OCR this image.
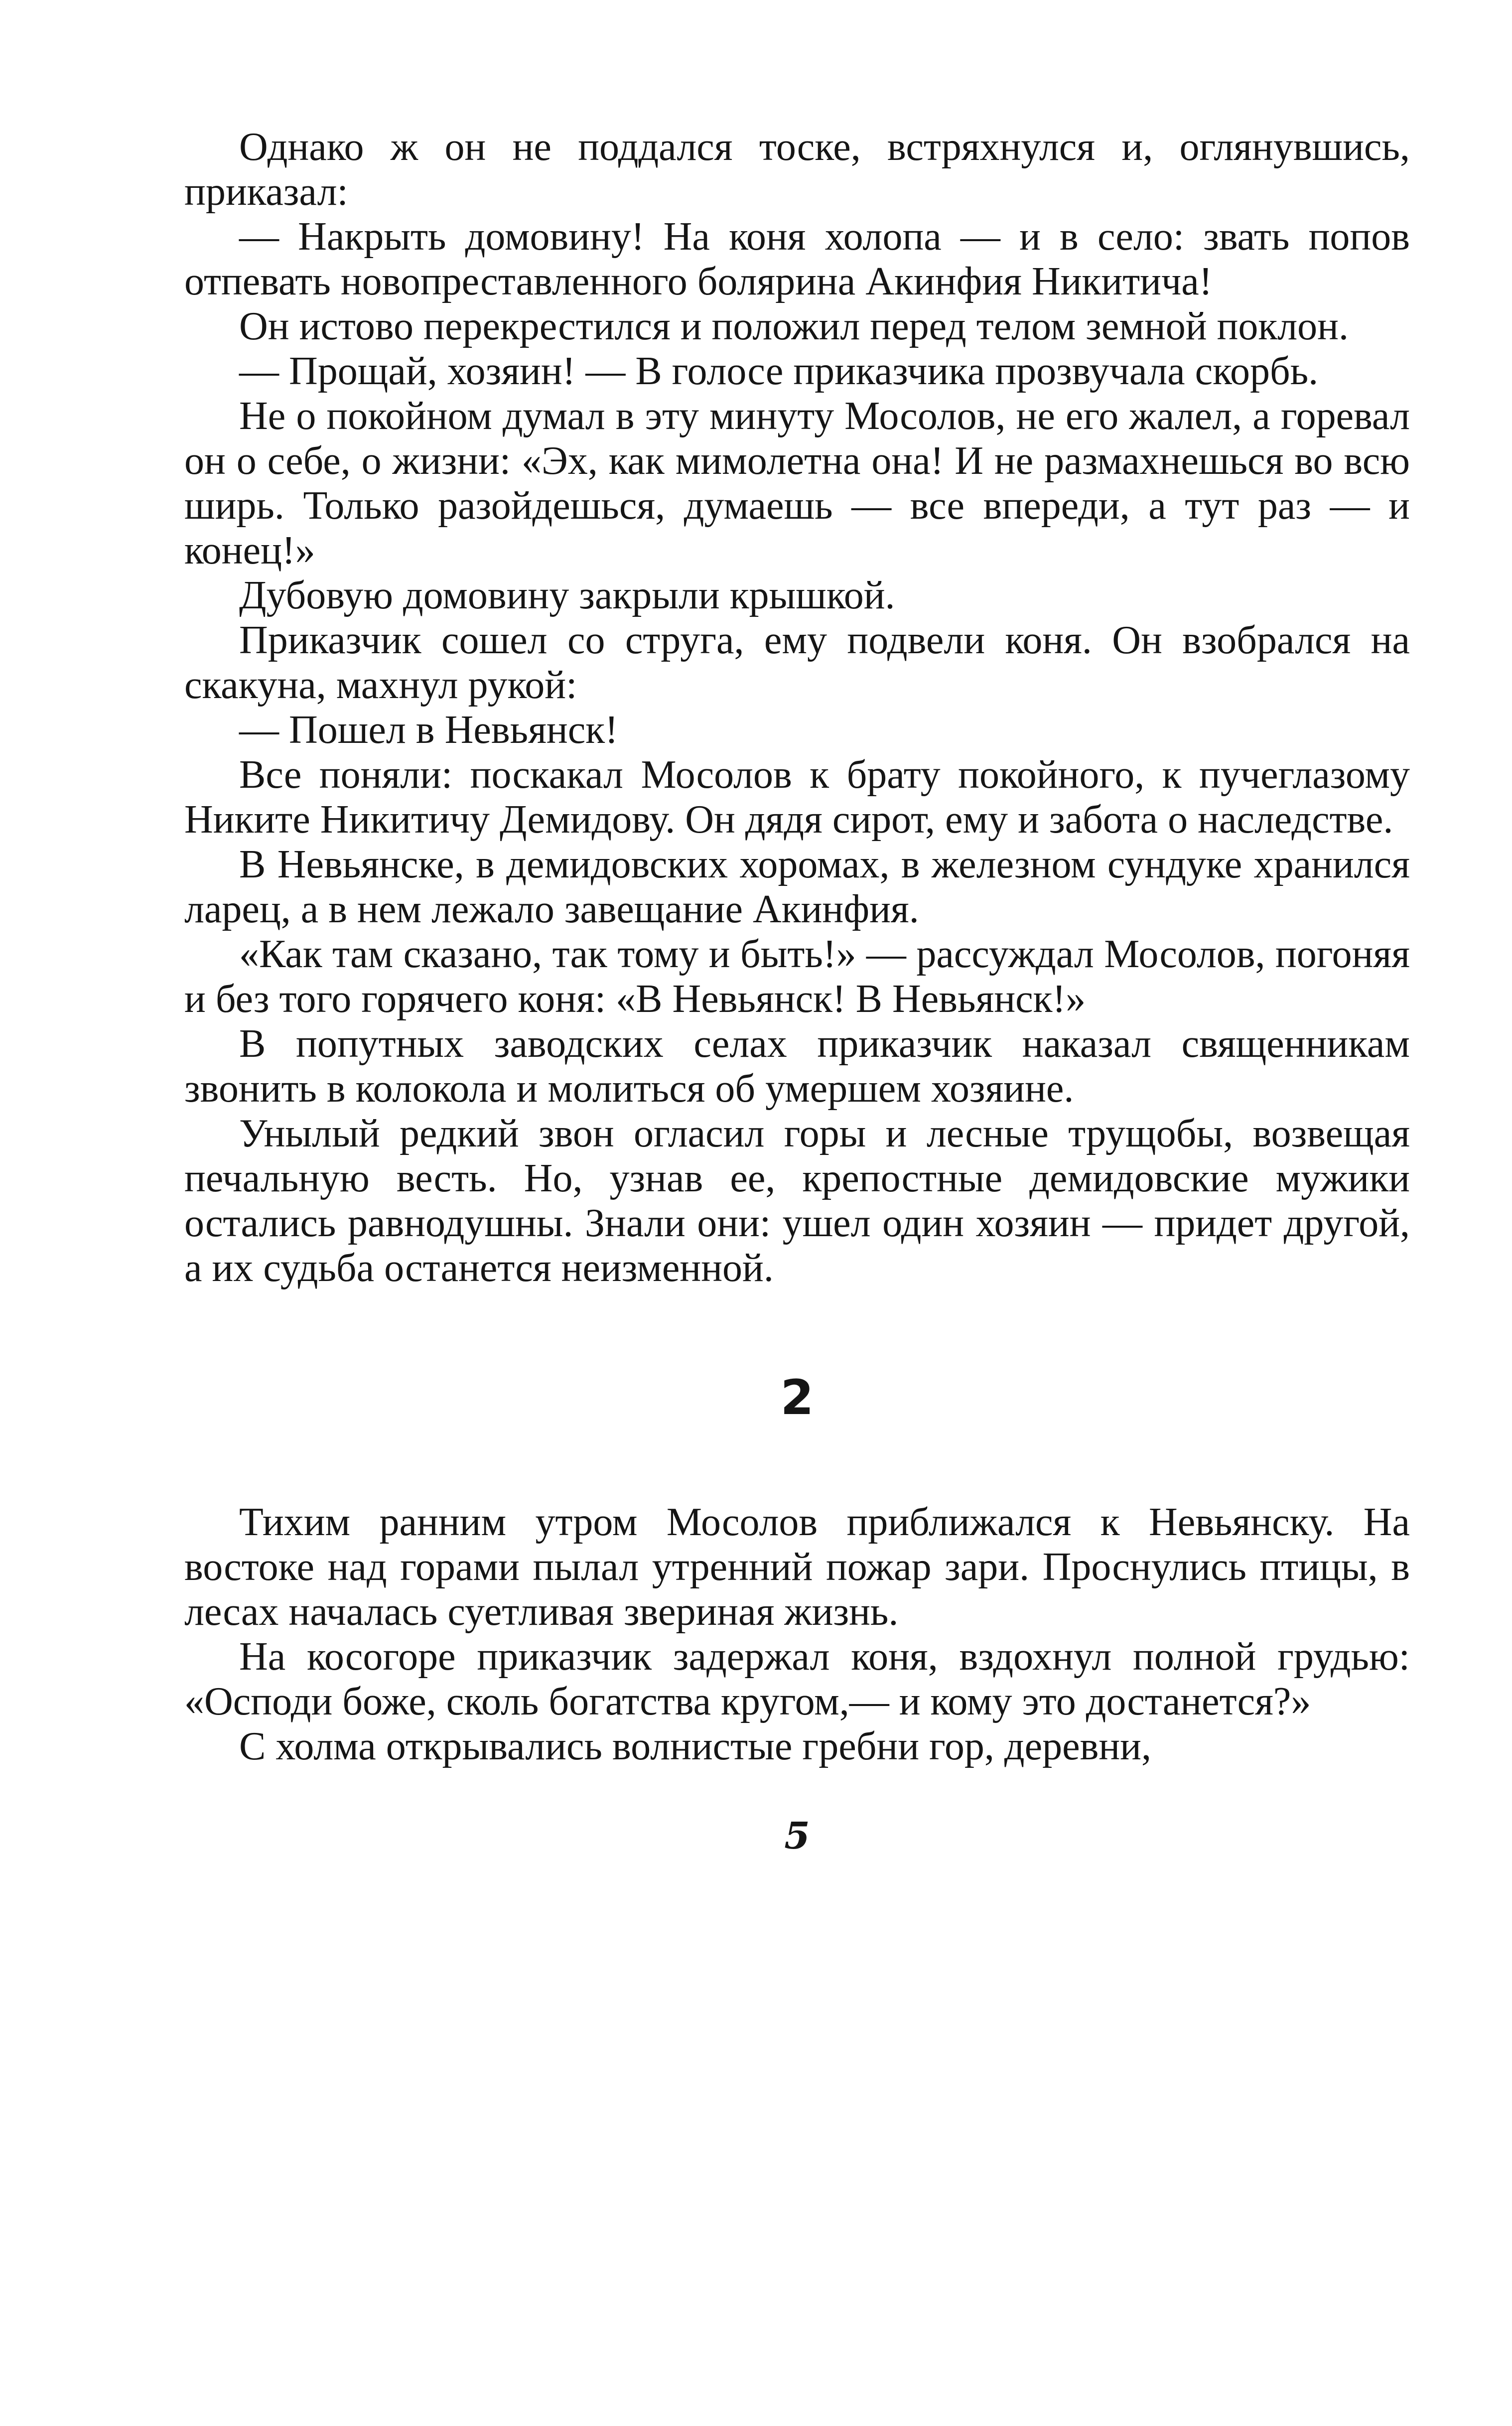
Однако ж он не поддался тоске, встряхнулся и, оглянувшись, приказал:

— Накрыть домовину! На коня холопа — и в село: звать попов отпевать новопреставленного болярина Акинфия Никитича!

Он истово перекрестился и положил перед телом земной поклон.

— Прощай, хозяин! — В голосе приказчика прозвучала скорбь.

Не о покойном думал в эту минуту Мосолов, не его жалел, а горевал он о себе, о жизни: «Эх, как мимолетна она! И не размахнешься во всю ширь. Только разойдешься, думаешь — все впереди, а тут раз — и конец!»

Дубовую домовину закрыли крышкой.

Приказчик сошел со струга, ему подвели коня. Он взобрался на скакуна, махнул рукой:

— Пошел в Невьянск!

Все поняли: поскакал Мосолов к брату покойного, к пучеглазому Никите Никитичу Демидову. Он дядя сирот, ему и забота о наследстве.

В Невьянске, в демидовских хоромах, в железном сундуке хранился ларец, а в нем лежало завещание Акинфия.

«Как там сказано, так тому и быть!» — рассуждал Мосолов, погоняя и без того горячего коня: «В Невьянск! В Невьянск!»

В попутных заводских селах приказчик наказал священникам звонить в колокола и молиться об умершем хозяине.

Унылый редкий звон огласил горы и лесные трущобы, возвещая печальную весть. Но, узнав ее, крепостные демидовские мужики остались равнодушны. Знали они: ушел один хозяин — придет другой, а их судьба останется неизменной.

2

Тихим ранним утром Мосолов приближался к Невьянску. На востоке над горами пылал утренний пожар зари. Проснулись птицы, в лесах началась суетливая звериная жизнь.

На косогоре приказчик задержал коня, вздохнул полной грудью: «Осподи боже, сколь богатства кругом,— и кому это достанется?»

С холма открывались волнистые гребни гор, деревни,

5
